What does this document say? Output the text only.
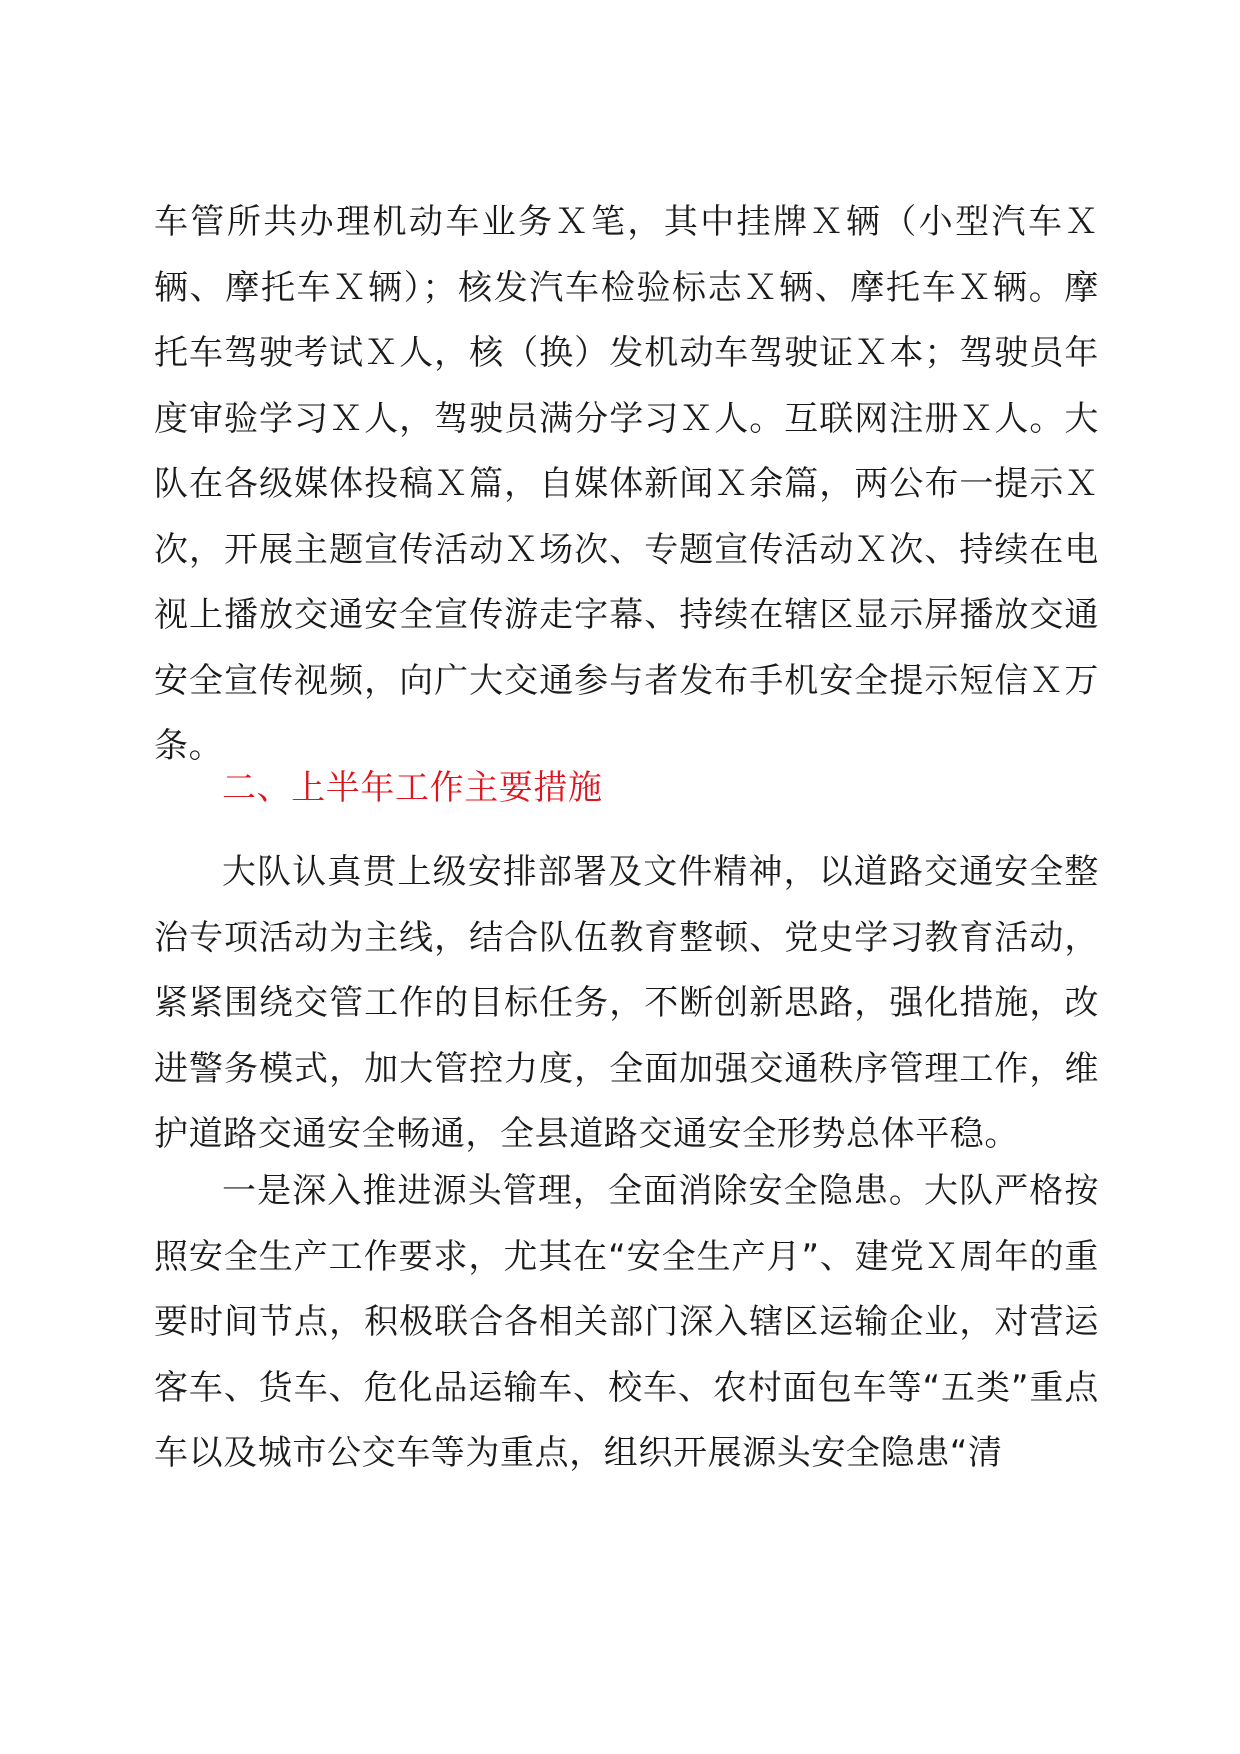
车管所共办理机动车业务Ｘ笔，其中挂牌Ｘ辆（小型汽车Ｘ辆、摩托车Ｘ辆）；核发汽车检验标志Ｘ辆、摩托车Ｘ辆。摩托车驾驶考试Ｘ人，核（换）发机动车驾驶证Ｘ本；驾驶员年度审验学习Ｘ人，驾驶员满分学习Ｘ人。互联网注册Ｘ人。大队在各级媒体投稿Ｘ篇，自媒体新闻Ｘ余篇，两公布一提示Ｘ次，开展主题宣传活动Ｘ场次、专题宣传活动Ｘ次、持续在电视上播放交通安全宣传游走字幕、持续在辖区显示屏播放交通安全宣传视频，向广大交通参与者发布手机安全提示短信Ｘ万条。

二、上半年工作主要措施

大队认真贯上级安排部署及文件精神，以道路交通安全整治专项活动为主线，结合队伍教育整顿、党史学习教育活动，紧紧围绕交管工作的目标任务，不断创新思路，强化措施，改进警务模式，加大管控力度，全面加强交通秩序管理工作，维护道路交通安全畅通，全县道路交通安全形势总体平稳。

一是深入推进源头管理，全面消除安全隐患。大队严格按照安全生产工作要求，尤其在“安全生产月”、建党Ｘ周年的重要时间节点，积极联合各相关部门深入辖区运输企业，对营运客车、货车、危化品运输车、校车、农村面包车等“五类”重点车以及城市公交车等为重点，组织开展源头安全隐患“清
